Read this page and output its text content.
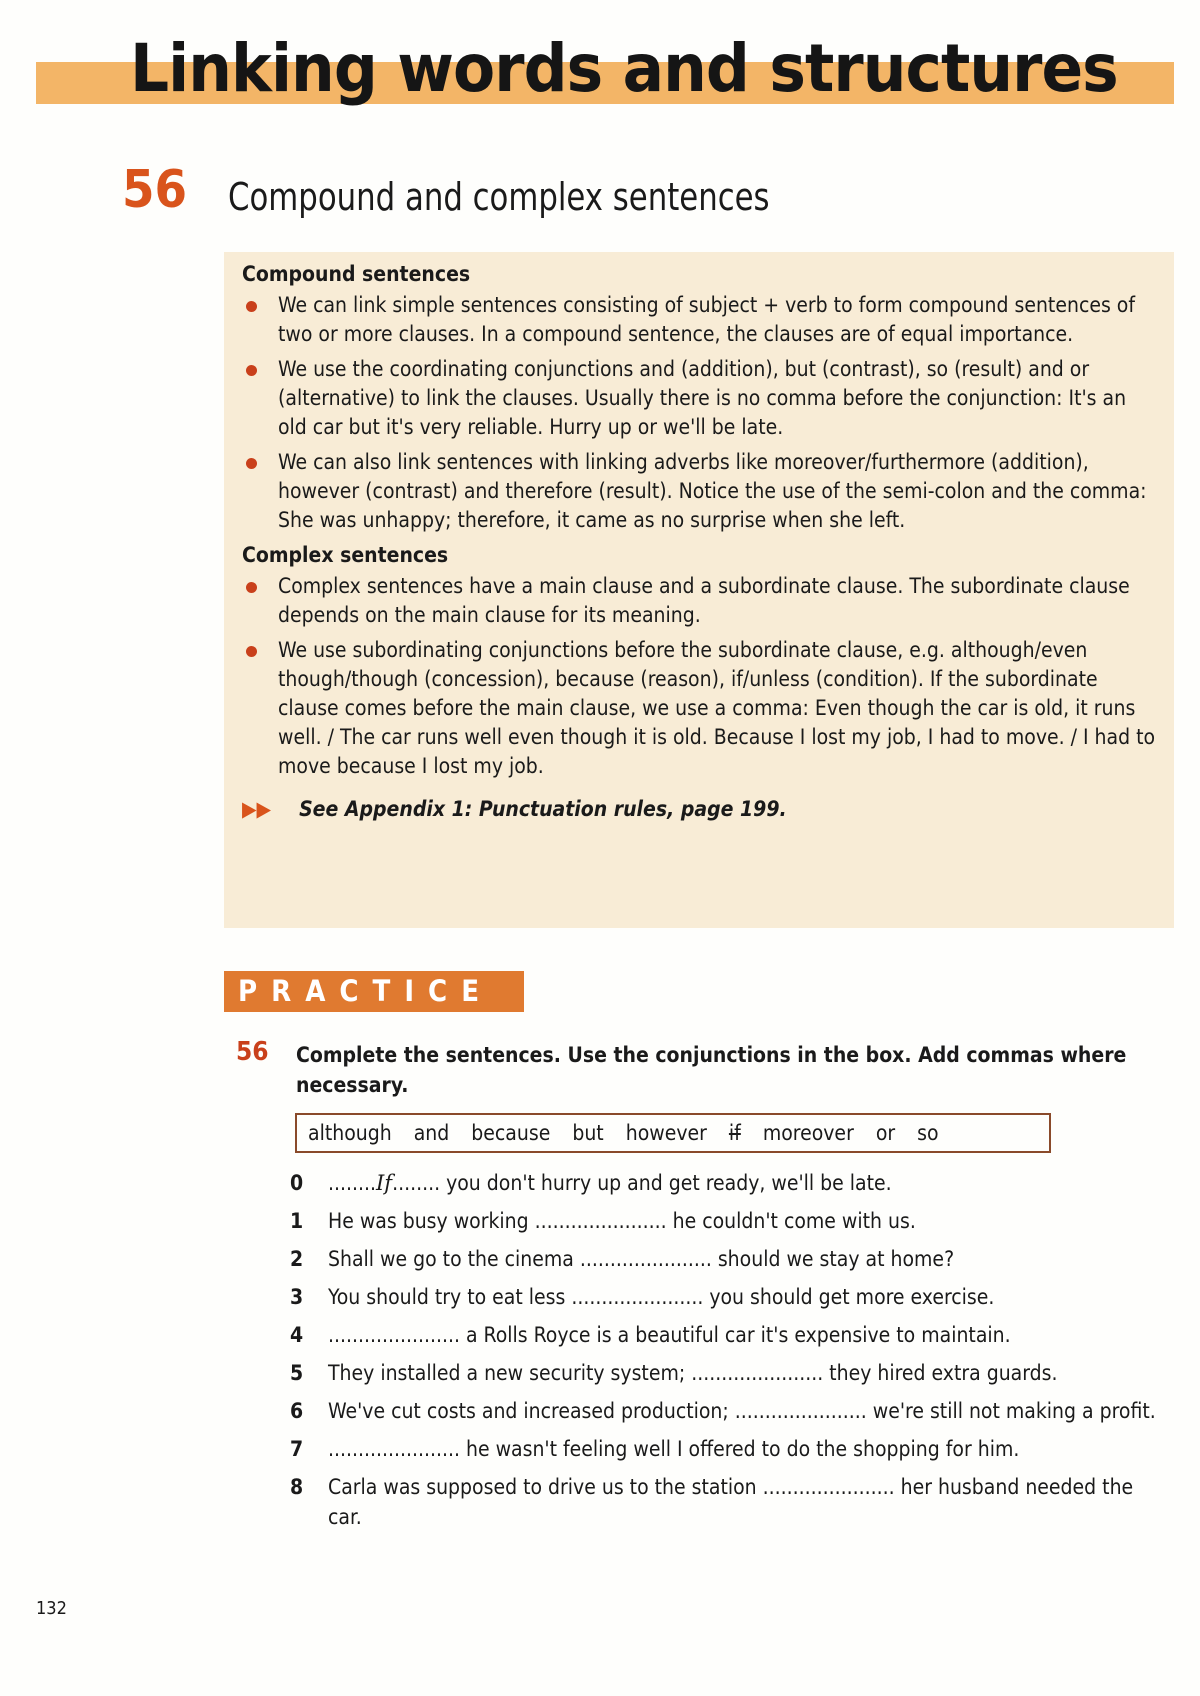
Linking words and structures
56 Compound and complex sentences
Compound sentences
We can link simple sentences consisting of subject + verb to form compound sentences of two or more clauses. In a compound sentence, the clauses are of equal importance.
We use the coordinating conjunctions and (addition), but (contrast), so (result) and or (alternative) to link the clauses. Usually there is no comma before the conjunction: It's an old car but it's very reliable. Hurry up or we'll be late.
We can also link sentences with linking adverbs like moreover/furthermore (addition), however (contrast) and therefore (result). Notice the use of the semi-colon and the comma: She was unhappy; therefore, it came as no surprise when she left.
Complex sentences
Complex sentences have a main clause and a subordinate clause. The subordinate clause depends on the main clause for its meaning.
We use subordinating conjunctions before the subordinate clause, e.g. although/even though/though (concession), because (reason), if/unless (condition). If the subordinate clause comes before the main clause, we use a comma: Even though the car is old, it runs well. / The car runs well even though it is old. Because I lost my job, I had to move. / I had to move because I lost my job.
▶▶ See Appendix 1: Punctuation rules, page 199.
PRACTICE
56 Complete the sentences. Use the conjunctions in the box. Add commas where necessary.
although	and	because	but	however	if	moreover	or	so
0	........If........ you don't hurry up and get ready, we'll be late.
1	He was busy working ...................... he couldn't come with us.
2	Shall we go to the cinema ...................... should we stay at home?
3	You should try to eat less ...................... you should get more exercise.
4	...................... a Rolls Royce is a beautiful car it's expensive to maintain.
5	They installed a new security system; ...................... they hired extra guards.
6	We've cut costs and increased production; ...................... we're still not making a profit.
7	...................... he wasn't feeling well I offered to do the shopping for him.
8	Carla was supposed to drive us to the station ...................... her husband needed the car.
132
